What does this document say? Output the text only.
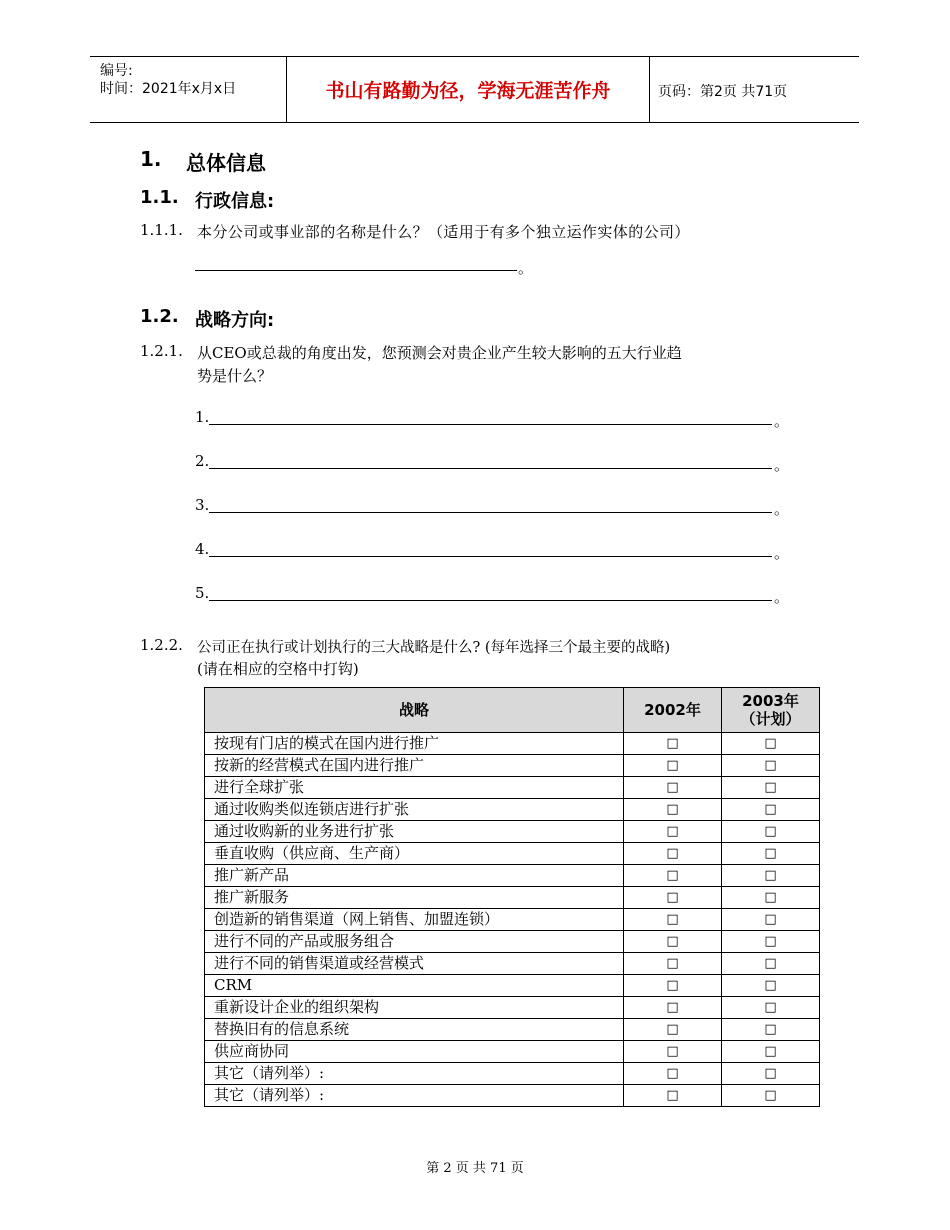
编号:
时间：2021年x月x日	书山有路勤为径，学海无涯苦作舟	页码：第2页 共71页
1. 总体信息
1.1. 行政信息:
1.1.1. 本分公司或事业部的名称是什么？（适用于有多个独立运作实体的公司）
。
1.2. 战略方向:
1.2.1. 从CEO或总裁的角度出发，您预测会对贵企业产生较大影响的五大行业趋
势是什么？
1.	。
2.	。
3.	。
4.	。
5.	。
1.2.2. 公司正在执行或计划执行的三大战略是什么? (每年选择三个最主要的战略)
(请在相应的空格中打钩)
战略	2002年	2003年
（计划）

按现有门店的模式在国内进行推广	□	□
按新的经营模式在国内进行推广	□	□
进行全球扩张	□	□
通过收购类似连锁店进行扩张	□	□
通过收购新的业务进行扩张	□	□
垂直收购（供应商、生产商）	□	□
推广新产品	□	□
推广新服务	□	□
创造新的销售渠道（网上销售、加盟连锁）	□	□
进行不同的产品或服务组合	□	□
进行不同的销售渠道或经营模式	□	□
CRM	□	□
重新设计企业的组织架构	□	□
替换旧有的信息系统	□	□
供应商协同	□	□
其它（请列举）:	□	□
其它（请列举）:	□	□
第 2 页 共 71 页
